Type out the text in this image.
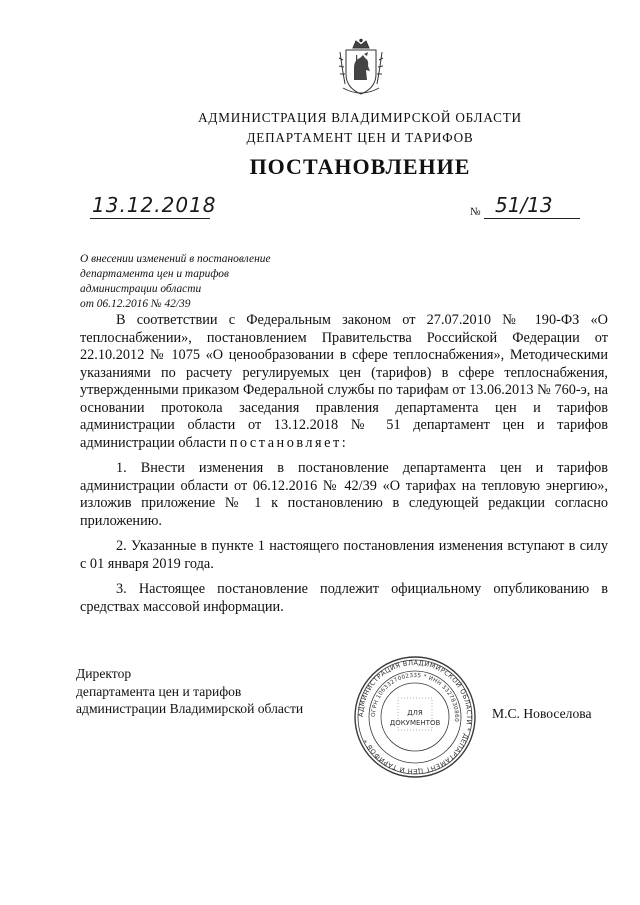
АДМИНИСТРАЦИЯ ВЛАДИМИРСКОЙ ОБЛАСТИ
ДЕПАРТАМЕНТ ЦЕН И ТАРИФОВ
ПОСТАНОВЛЕНИЕ
13.12.2018	№ 51/13
О внесении изменений в постановление
департамента цен и тарифов
администрации области
от 06.12.2016 № 42/39

В соответствии с Федеральным законом от 27.07.2010 № 190-ФЗ «О теплоснабжении», постановлением Правительства Российской Федерации от 22.10.2012 № 1075 «О ценообразовании в сфере теплоснабжения», Методическими указаниями по расчету регулируемых цен (тарифов) в сфере теплоснабжения, утвержденными приказом Федеральной службы по тарифам от 13.06.2013 № 760-э, на основании протокола заседания правления департамента цен и тарифов администрации области от 13.12.2018 № 51 департамент цен и тарифов администрации области постановляет:

1. Внести изменения в постановление департамента цен и тарифов администрации области от 06.12.2016 № 42/39 «О тарифах на тепловую энергию», изложив приложение № 1 к постановлению в следующей редакции согласно приложению.

2. Указанные в пункте 1 настоящего постановления изменения вступают в силу с 01 января 2019 года.

3. Настоящее постановление подлежит официальному опубликованию в средствах массовой информации.

Директор
департамента цен и тарифов
администрации Владимирской области	АДМИНИСТРАЦИЯ ВЛАДИМИРСКОЙ ОБЛАСТИ * ДЕПАРТАМЕНТ ЦЕН И ТАРИФОВ *
ОГРН 1063327002335 * ИНН 3327830860
ДЛЯ
ДОКУМЕНТОВ
М.С. Новоселова
